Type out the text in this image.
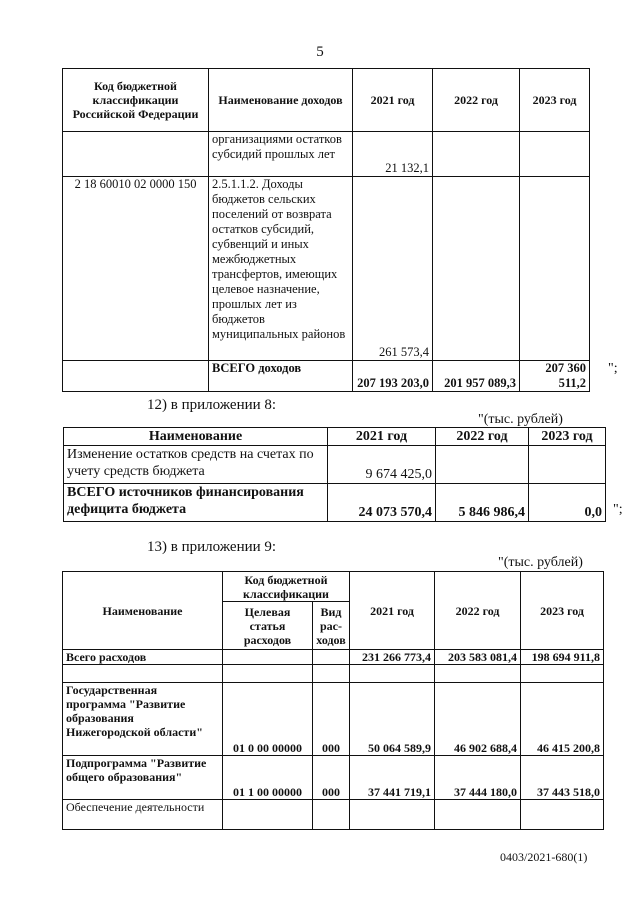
5
Код бюджетной классификации Российской Федерации	Наименование доходов	2021 год	2022 год	2023 год
	организациями остатков субсидий прошлых лет	21 132,1		
2 18 60010 02 0000 150	2.5.1.1.2. Доходы бюджетов сельских поселений от возврата остатков субсидий, субвенций и иных межбюджетных трансфертов, имеющих целевое назначение, прошлых лет из бюджетов муниципальных районов	261 573,4		
	ВСЕГО доходов	207 193 203,0	201 957 089,3	207 360 511,2
";
12) в приложении 8:
"(тыс. рублей)
Наименование	2021 год	2022 год	2023 год
Изменение остатков средств на счетах по учету средств бюджета	9 674 425,0		
ВСЕГО источников финансирования дефицита бюджета	24 073 570,4	5 846 986,4	0,0 ";
13) в приложении 9:
"(тыс. рублей)
Наименование	Код бюджетной классификации		2021 год	2022 год	2023 год
	Целевая статья расходов	Вид рас-ходов			
Всего расходов			231 266 773,4	203 583 081,4	198 694 911,8

Государственная программа "Развитие образования Нижегородской области"	01 0 00 00000	000	50 064 589,9	46 902 688,4	46 415 200,8
Подпрограмма "Развитие общего образования"	01 1 00 00000	000	37 441 719,1	37 444 180,0	37 443 518,0
Обеспечение деятельности					
0403/2021-680(1)
